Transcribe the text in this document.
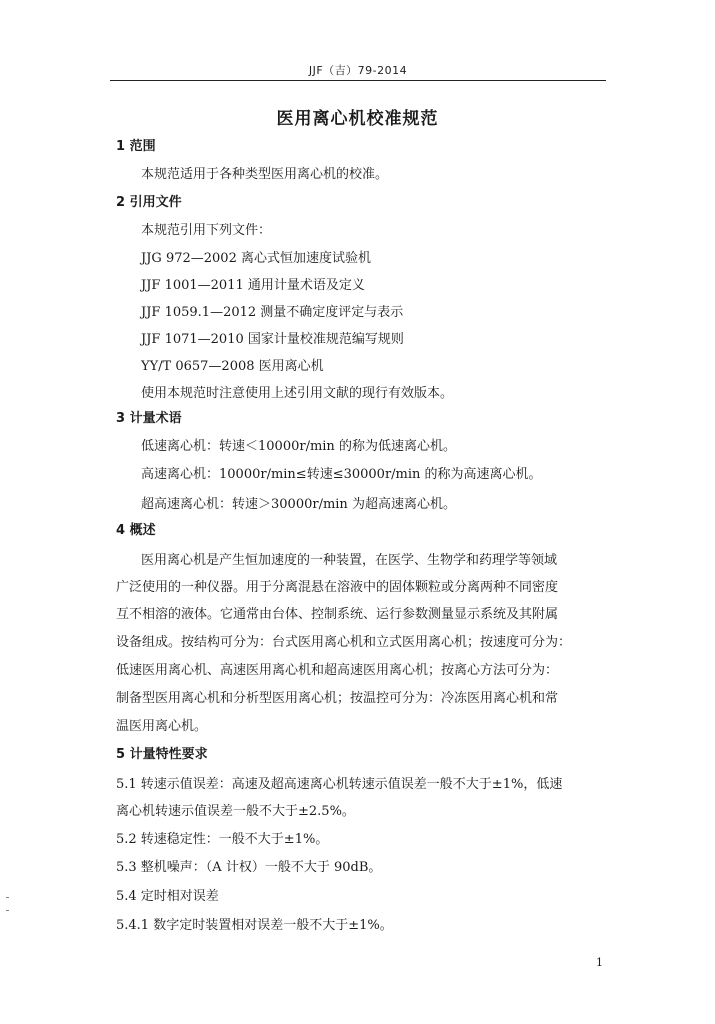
JJF（吉）79-2014
医用离心机校准规范
1 范围
本规范适用于各种类型医用离心机的校准。
2 引用文件
本规范引用下列文件：
JJG 972—2002 离心式恒加速度试验机
JJF 1001—2011 通用计量术语及定义
JJF 1059.1—2012 测量不确定度评定与表示
JJF 1071—2010 国家计量校准规范编写规则
YY/T 0657—2008 医用离心机
使用本规范时注意使用上述引用文献的现行有效版本。
3 计量术语
低速离心机：转速＜10000r/min 的称为低速离心机。
高速离心机：10000r/min≤转速≤30000r/min 的称为高速离心机。
超高速离心机：转速＞30000r/min 为超高速离心机。
4 概述
医用离心机是产生恒加速度的一种装置，在医学、生物学和药理学等领域
广泛使用的一种仪器。用于分离混悬在溶液中的固体颗粒或分离两种不同密度
互不相溶的液体。它通常由台体、控制系统、运行参数测量显示系统及其附属
设备组成。按结构可分为：台式医用离心机和立式医用离心机；按速度可分为：
低速医用离心机、高速医用离心机和超高速医用离心机；按离心方法可分为：
制备型医用离心机和分析型医用离心机；按温控可分为：冷冻医用离心机和常
温医用离心机。
5 计量特性要求
5.1 转速示值误差：高速及超高速离心机转速示值误差一般不大于±1%，低速
离心机转速示值误差一般不大于±2.5%。
5.2 转速稳定性：一般不大于±1%。
5.3 整机噪声：（A 计权）一般不大于 90dB。
5.4 定时相对误差
5.4.1 数字定时装置相对误差一般不大于±1%。
1
